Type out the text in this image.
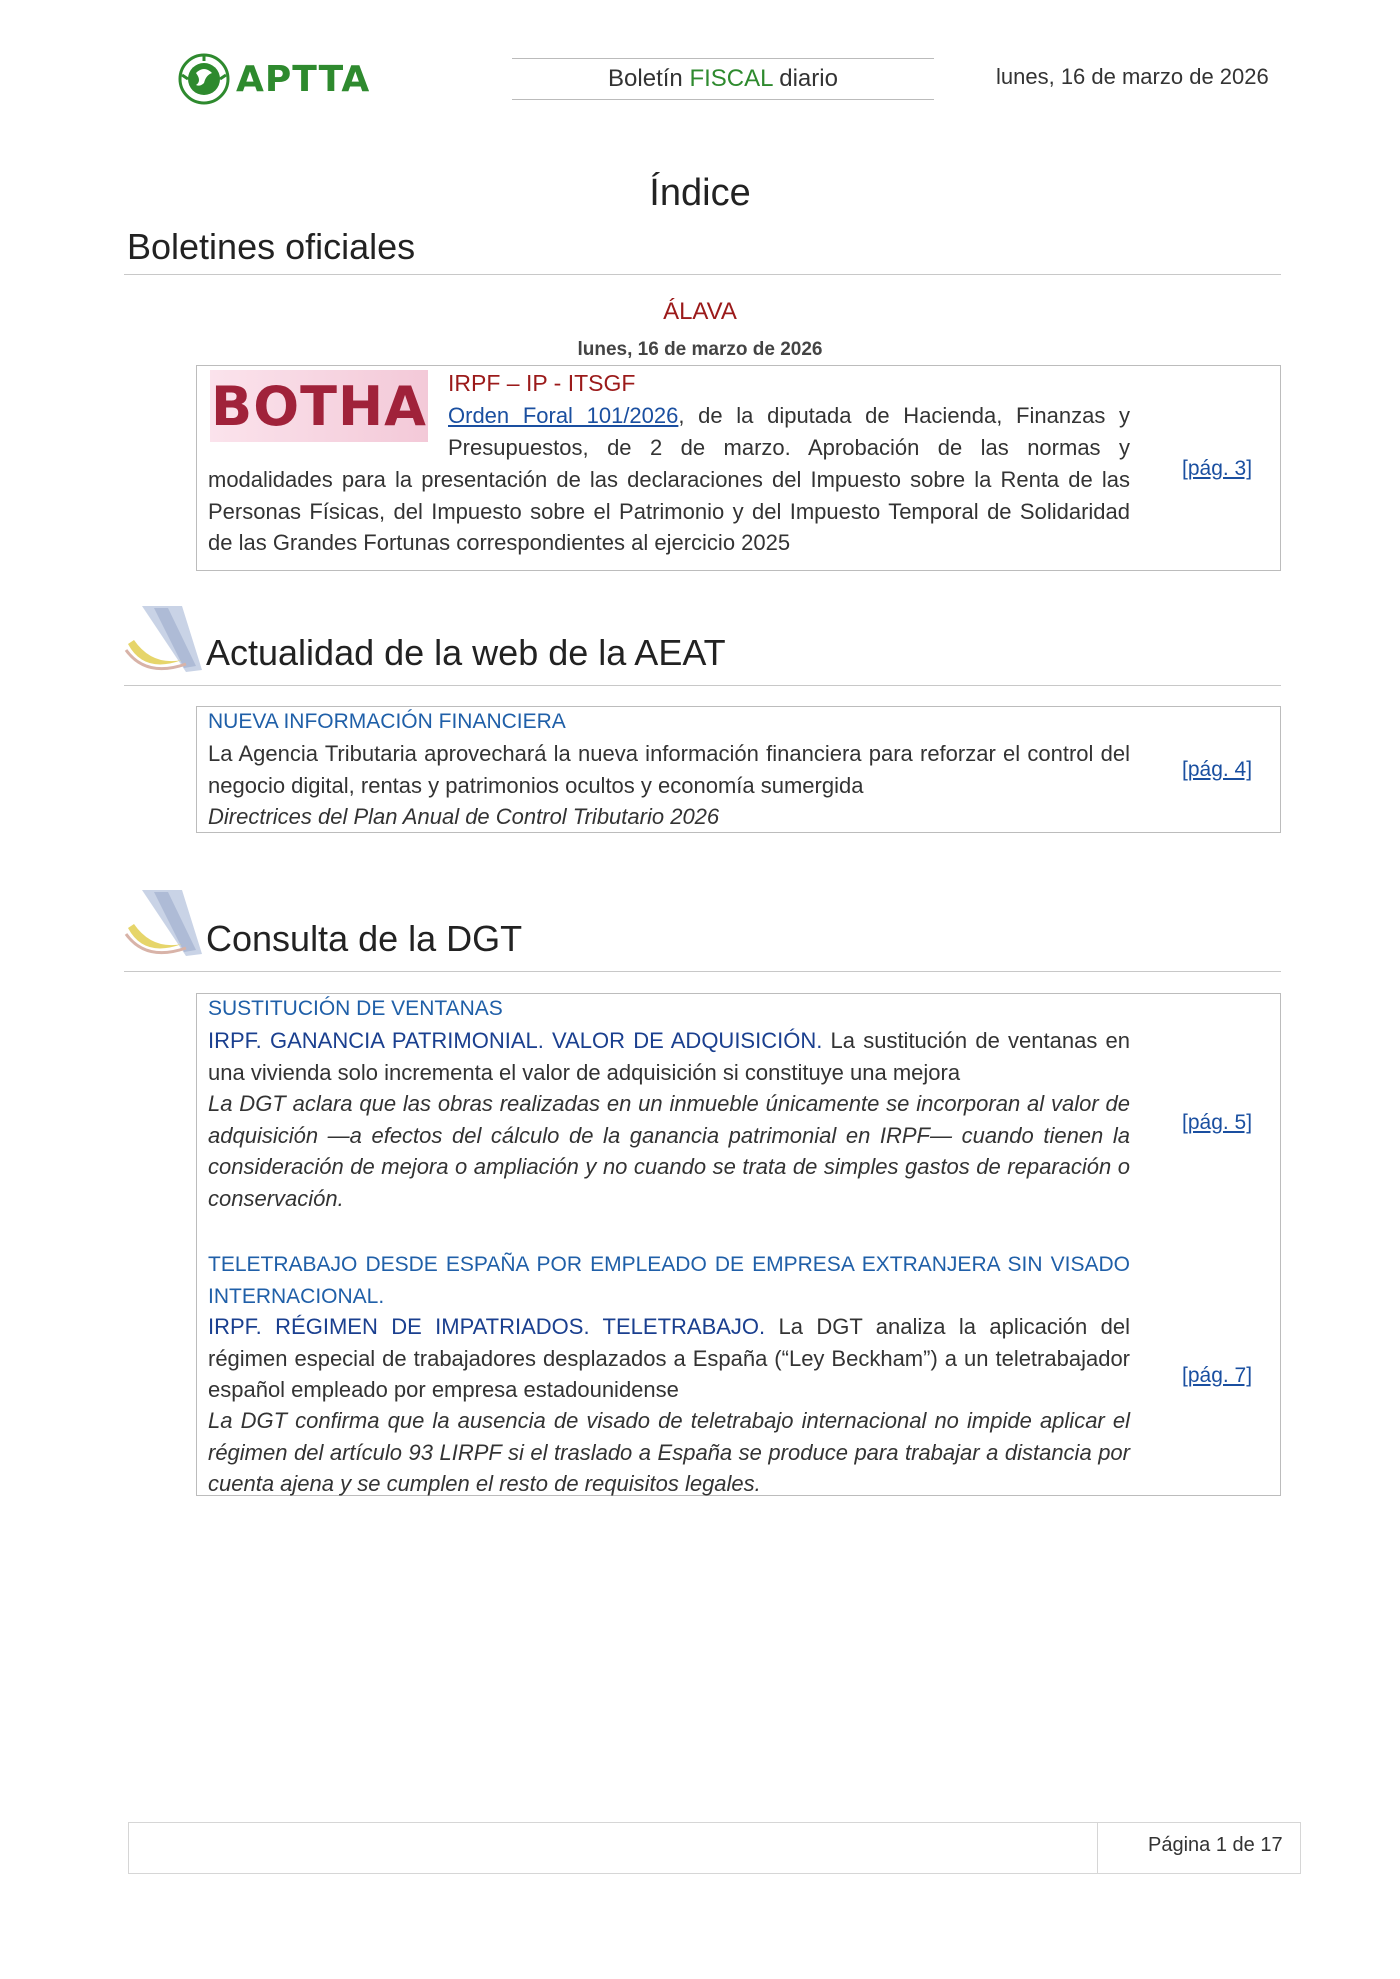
APTTA	Boletín FISCAL diario	lunes, 16 de marzo de 2026
Índice
Boletines oficiales
ÁLAVA
lunes, 16 de marzo de 2026
BOTHA IRPF – IP - ITSGF
Orden Foral 101/2026, de la diputada de Hacienda, Finanzas y
Presupuestos, de 2 de marzo. Aprobación de las normas y
modalidades para la presentación de las declaraciones del Impuesto sobre la Renta de las Personas Físicas, del Impuesto sobre el Patrimonio y del Impuesto Temporal de Solidaridad de las Grandes Fortunas correspondientes al ejercicio 2025
[pág. 3]
Actualidad de la web de la AEAT
NUEVA INFORMACIÓN FINANCIERA
La Agencia Tributaria aprovechará la nueva información financiera para reforzar el control del negocio digital, rentas y patrimonios ocultos y economía sumergida
Directrices del Plan Anual de Control Tributario 2026
[pág. 4]
Consulta de la DGT
SUSTITUCIÓN DE VENTANAS
IRPF. GANANCIA PATRIMONIAL. VALOR DE ADQUISICIÓN. La sustitución de ventanas en una vivienda solo incrementa el valor de adquisición si constituye una mejora
La DGT aclara que las obras realizadas en un inmueble únicamente se incorporan al valor de adquisición —a efectos del cálculo de la ganancia patrimonial en IRPF— cuando tienen la consideración de mejora o ampliación y no cuando se trata de simples gastos de reparación o conservación.
[pág. 5]
TELETRABAJO DESDE ESPAÑA POR EMPLEADO DE EMPRESA EXTRANJERA SIN VISADO INTERNACIONAL.
IRPF. RÉGIMEN DE IMPATRIADOS. TELETRABAJO. La DGT analiza la aplicación del régimen especial de trabajadores desplazados a España (“Ley Beckham”) a un teletrabajador español empleado por empresa estadounidense
La DGT confirma que la ausencia de visado de teletrabajo internacional no impide aplicar el régimen del artículo 93 LIRPF si el traslado a España se produce para trabajar a distancia por cuenta ajena y se cumplen el resto de requisitos legales.
[pág. 7]
Página 1 de 17
